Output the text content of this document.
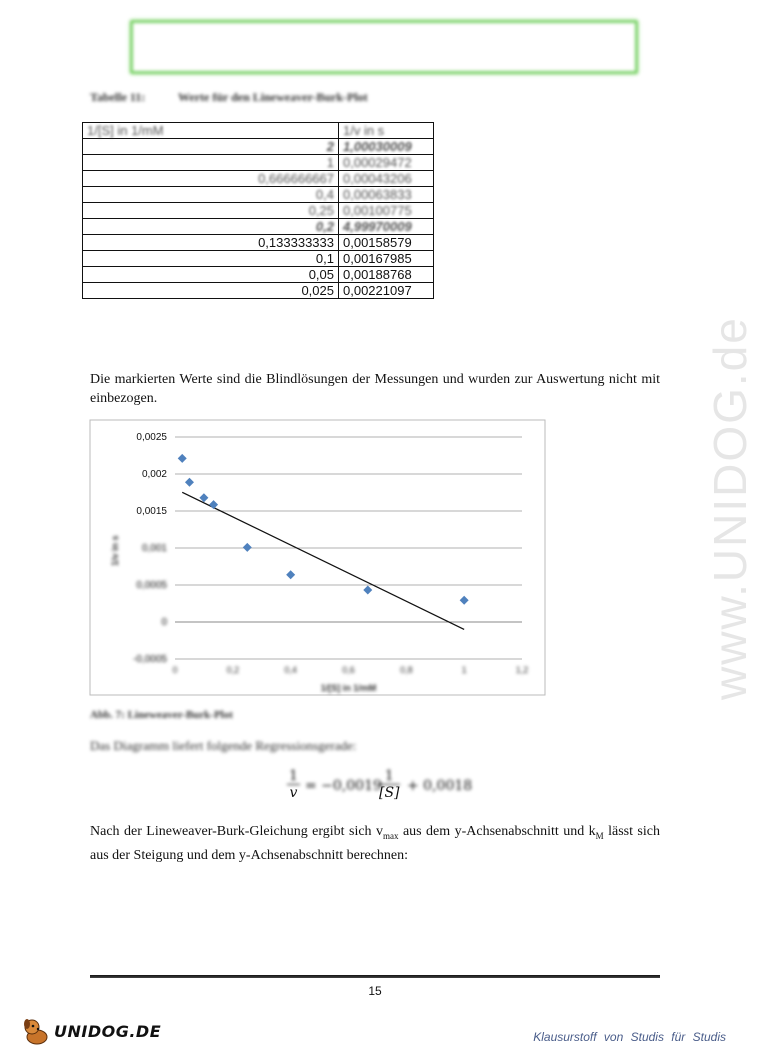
www.UNIDOG.de
Tabelle 11:	Werte für den Lineweaver-Burk-Plot
1/[S] in 1/mM	1/v in s
2	1,00030009
1	0,00029472
0,666666667	0,00043206
0,4	0,00063833
0,25	0,00100775
0,2	4,99970009
0,133333333	0,00158579
0,1	0,00167985
0,05	0,00188768
0,025	0,00221097
Die markierten Werte sind die Blindlösungen der Messungen und wurden zur Auswertung nicht mit einbezogen.
-0,0005
0
0,0005
0,001
0,0015
0,002
0,0025
0	0,2	0,4	0,6	0,8	1	1,2
1/v in s
1/[S] in 1/mM
Abb. 7: Lineweaver-Burk-Plot
Das Diagramm liefert folgende Regressionsgerade:
$\frac{1}{v} = -0,0019$
$\frac{1}{[S]} + 0,0018$
Nach der Lineweaver-Burk-Gleichung ergibt sich $v_{max}$ aus dem y-Achsenabschnitt und $k_M$ lässt sich aus der Steigung und dem y-Achsenabschnitt berechnen:
15
UNIDOG.DE	Klausurstoff von Studis für Studis
